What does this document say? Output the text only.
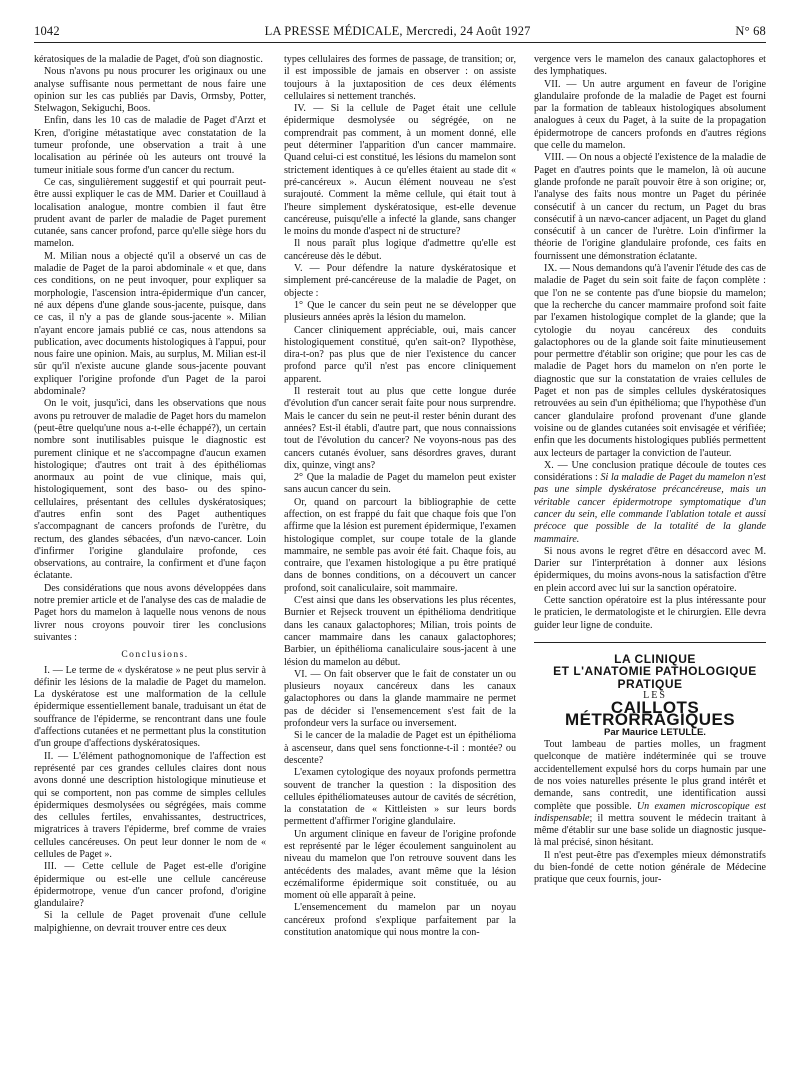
1042	LA PRESSE MÉDICALE, Mercredi, 24 Août 1927	N° 68

kératosiques de la maladie de Paget, d'où son diagnostic.

Nous n'avons pu nous procurer les originaux ou une analyse suffisante nous permettant de nous faire une opinion sur les cas publiés par Davis, Ormsby, Potter, Stelwagon, Sekiguchi, Boos.

Enfin, dans les 10 cas de maladie de Paget d'Arzt et Kren, d'origine métastatique avec constatation de la tumeur profonde, une observation a trait à une localisation au périnée où les auteurs ont trouvé la tumeur initiale sous forme d'un cancer du rectum.

Ce cas, singulièrement suggestif et qui pourrait peut-être aussi expliquer le cas de MM. Darier et Couillaud à localisation analogue, montre combien il faut être prudent avant de parler de maladie de Paget purement cutanée, sans cancer profond, parce qu'elle siège hors du mamelon.

M. Milian nous a objecté qu'il a observé un cas de maladie de Paget de la paroi abdominale « et que, dans ces conditions, on ne peut invoquer, pour expliquer sa morphologie, l'ascension intra-épidermique d'un cancer, né aux dépens d'une glande sous-jacente, puisque, dans ce cas, il n'y a pas de glande sous-jacente ». Milian n'ayant encore jamais publié ce cas, nous attendons sa publication, avec documents histologiques à l'appui, pour nous faire une opinion. Mais, au surplus, M. Milian est-il sûr qu'il n'existe aucune glande sous-jacente pouvant expliquer l'origine profonde d'un Paget de la paroi abdominale?

On le voit, jusqu'ici, dans les observations que nous avons pu retrouver de maladie de Paget hors du mamelon (peut-être quelqu'une nous a-t-elle échappé?), un certain nombre sont inutilisables puisque le diagnostic est purement clinique et ne s'accompagne d'aucun examen histologique; d'autres ont trait à des épithéliomas anormaux au point de vue clinique, mais qui, histologiquement, sont des baso- ou des spino-cellulaires, présentant des cellules dyskératosiques; d'autres enfin sont des Paget authentiques s'accompagnant de cancers profonds de l'urètre, du rectum, des glandes sébacées, d'un nævo-cancer. Loin d'infirmer l'origine glandulaire profonde, ces observations, au contraire, la confirment et d'une façon éclatante.

Des considérations que nous avons développées dans notre premier article et de l'analyse des cas de maladie de Paget hors du mamelon à laquelle nous venons de nous livrer nous croyons pouvoir tirer les conclusions suivantes :

Conclusions.

I. — Le terme de « dyskératose » ne peut plus servir à définir les lésions de la maladie de Paget du mamelon. La dyskératose est une malformation de la cellule épidermique essentiellement banale, traduisant un état de souffrance de l'épiderme, se rencontrant dans une foule d'affections cutanées et ne permettant plus la constitution d'un groupe d'affections dyskératosiques.

II. — L'élément pathognomonique de l'affection est représenté par ces grandes cellules claires dont nous avons donné une description histologique minutieuse et qui se comportent, non pas comme de simples cellules épidermiques desmolysées ou ségrégées, mais comme des cellules fertiles, envahissantes, destructrices, migratrices à travers l'épiderme, bref comme de vraies cellules cancéreuses. On peut leur donner le nom de « cellules de Paget ».

III. — Cette cellule de Paget est-elle d'origine épidermique ou est-elle une cellule cancéreuse épidermotrope, venue d'un cancer profond, d'origine glandulaire?

Si la cellule de Paget provenait d'une cellule malpighienne, on devrait trouver entre ces deux

types cellulaires des formes de passage, de transition; or, il est impossible de jamais en observer : on assiste toujours à la juxtaposition de ces deux éléments cellulaires si nettement tranchés.

IV. — Si la cellule de Paget était une cellule épidermique desmolysée ou ségrégée, on ne comprendrait pas comment, à un moment donné, elle peut déterminer l'apparition d'un cancer mammaire. Quand celui-ci est constitué, les lésions du mamelon sont strictement identiques à ce qu'elles étaient au stade dit « pré-cancéreux ». Aucun élément nouveau ne s'est surajouté. Comment la même cellule, qui était tout à l'heure simplement dyskératosique, est-elle devenue cancéreuse, puisqu'elle a infecté la glande, sans changer le moins du monde d'aspect ni de structure?

Il nous paraît plus logique d'admettre qu'elle est cancéreuse dès le début.

V. — Pour défendre la nature dyskératosique et simplement pré-cancéreuse de la maladie de Paget, on objecte :

1° Que le cancer du sein peut ne se développer que plusieurs années après la lésion du mamelon.

Cancer cliniquement appréciable, oui, mais cancer histologiquement constitué, qu'en sait-on? Ilypothèse, dira-t-on? pas plus que de nier l'existence du cancer profond parce qu'il n'est pas encore cliniquement apparent.

Il resterait tout au plus que cette longue durée d'évolution d'un cancer serait faite pour nous surprendre. Mais le cancer du sein ne peut-il rester bénin durant des années? Est-il établi, d'autre part, que nous connaissions tout de l'évolution du cancer? Ne voyons-nous pas des cancers cutanés évoluer, sans désordres graves, durant dix, quinze, vingt ans?

2° Que la maladie de Paget du mamelon peut exister sans aucun cancer du sein.

Or, quand on parcourt la bibliographie de cette affection, on est frappé du fait que chaque fois que l'on affirme que la lésion est purement épidermique, l'examen histologique complet, sur coupe totale de la glande mammaire, ne semble pas avoir été fait. Chaque fois, au contraire, que l'examen histologique a pu être pratiqué dans de bonnes conditions, on a découvert un cancer profond, soit canaliculaire, soit mammaire.

C'est ainsi que dans les observations les plus récentes, Burnier et Rejseck trouvent un épithélioma dendritique dans les canaux galactophores; Milian, trois points de cancer mammaire dans les canaux galactophores; Barbier, un épithélioma canaliculaire sous-jacent à une lésion du mamelon au début.

VI. — On fait observer que le fait de constater un ou plusieurs noyaux cancéreux dans les canaux galactophores ou dans la glande mammaire ne permet pas de décider si l'ensemencement s'est fait de la profondeur vers la surface ou inversement.

Si le cancer de la maladie de Paget est un épithélioma à ascenseur, dans quel sens fonctionne-t-il : montée? ou descente?

L'examen cytologique des noyaux profonds permettra souvent de trancher la question : la disposition des cellules épithéliomateuses autour de cavités de sécrétion, la constatation de « Kittleisten » sur leurs bords permettent d'affirmer l'origine glandulaire.

Un argument clinique en faveur de l'origine profonde est représenté par le léger écoulement sanguinolent au niveau du mamelon que l'on retrouve souvent dans les antécédents des malades, avant même que la lésion eczémaliforme épidermique soit constituée, ou au moment où elle apparaît à peine.

L'ensemencement du mamelon par un noyau cancéreux profond s'explique parfaitement par la constitution anatomique qui nous montre la con-

vergence vers le mamelon des canaux galactophores et des lymphatiques.

VII. — Un autre argument en faveur de l'origine glandulaire profonde de la maladie de Paget est fourni par la formation de tableaux histologiques absolument analogues à ceux du Paget, à la suite de la propagation épidermotrope de cancers profonds en d'autres régions que celle du mamelon.

VIII. — On nous a objecté l'existence de la maladie de Paget en d'autres points que le mamelon, là où aucune glande profonde ne paraît pouvoir être à son origine; or, l'analyse des faits nous montre un Paget du périnée consécutif à un cancer du rectum, un Paget du bras consécutif à un nævo-cancer adjacent, un Paget du gland consécutif à un cancer de l'urètre. Loin d'infirmer la théorie de l'origine glandulaire profonde, ces faits en fournissent une démonstration éclatante.

IX. — Nous demandons qu'à l'avenir l'étude des cas de maladie de Paget du sein soit faite de façon complète : que l'on ne se contente pas d'une biopsie du mamelon; que la recherche du cancer mammaire profond soit faite par l'examen histologique complet de la glande; que la cytologie du noyau cancéreux des conduits galactophores ou de la glande soit faite minutieusement pour permettre d'établir son origine; que pour les cas de maladie de Paget hors du mamelon on n'en porte le diagnostic que sur la constatation de vraies cellules de Paget et non pas de simples cellules dyskératosiques retrouvées au sein d'un épithélioma; que l'hypothèse d'un cancer glandulaire profond provenant d'une glande voisine ou de glandes cutanées soit envisagée et vérifiée; enfin que les documents histologiques publiés permettent aux lecteurs de partager la conviction de l'auteur.

X. — Une conclusion pratique découle de toutes ces considérations : Si la maladie de Paget du mamelon n'est pas une simple dyskératose précancéreuse, mais un véritable cancer épidermotrope symptomatique d'un cancer du sein, elle commande l'ablation totale et aussi précoce que possible de la totalité de la glande mammaire.

Si nous avons le regret d'être en désaccord avec M. Darier sur l'interprétation à donner aux lésions épidermiques, du moins avons-nous la satisfaction d'être en plein accord avec lui sur la sanction opératoire.

Cette sanction opératoire est la plus intéressante pour le praticien, le dermatologiste et le chirurgien. Elle devra guider leur ligne de conduite.

LA CLINIQUE

ET L'ANATOMIE PATHOLOGIQUE PRATIQUE

LES

CAILLOTS MÉTRORRAGIQUES

Par Maurice LETULLE.

Tout lambeau de parties molles, un fragment quelconque de matière indéterminée qui se trouve accidentellement expulsé hors du corps humain par une de nos voies naturelles présente le plus grand intérêt et demande, sans contredit, une identification aussi complète que possible. Un examen microscopique est indispensable; il mettra souvent le médecin traitant à même d'établir sur une base solide un diagnostic jusque-là mal précisé, sinon hésitant.

Il n'est peut-être pas d'exemples mieux démonstratifs du bien-fondé de cette notion générale de Médecine pratique que ceux fournis, jour-
